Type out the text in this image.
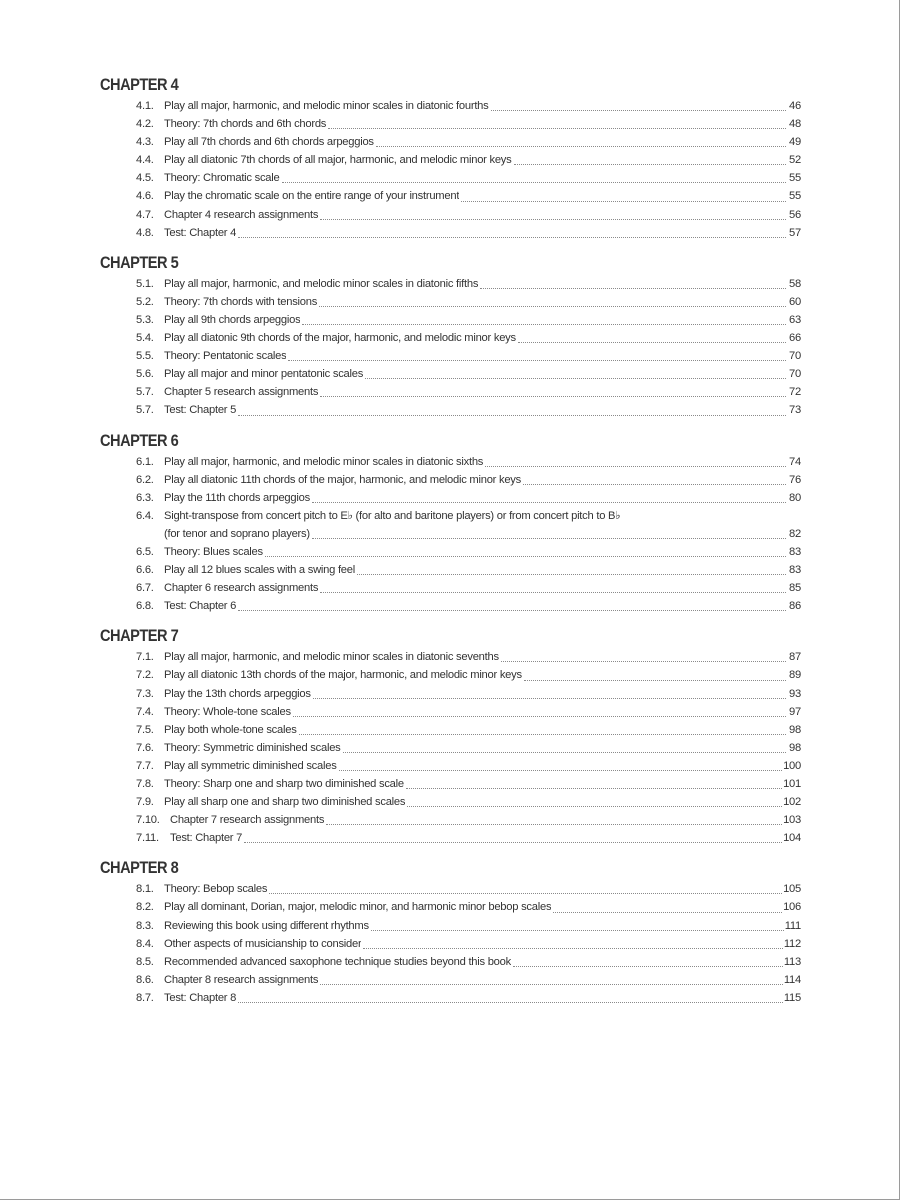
CHAPTER 4
4.1. Play all major, harmonic, and melodic minor scales in diatonic fourths	46
4.2. Theory: 7th chords and 6th chords	48
4.3. Play all 7th chords and 6th chords arpeggios	49
4.4. Play all diatonic 7th chords of all major, harmonic, and melodic minor keys	52
4.5. Theory: Chromatic scale	55
4.6. Play the chromatic scale on the entire range of your instrument	55
4.7. Chapter 4 research assignments	56
4.8. Test: Chapter 4	57
CHAPTER 5
5.1. Play all major, harmonic, and melodic minor scales in diatonic fifths	58
5.2. Theory: 7th chords with tensions	60
5.3. Play all 9th chords arpeggios	63
5.4. Play all diatonic 9th chords of the major, harmonic, and melodic minor keys	66
5.5. Theory: Pentatonic scales	70
5.6. Play all major and minor pentatonic scales	70
5.7. Chapter 5 research assignments	72
5.7. Test: Chapter 5	73
CHAPTER 6
6.1. Play all major, harmonic, and melodic minor scales in diatonic sixths	74
6.2. Play all diatonic 11th chords of the major, harmonic, and melodic minor keys	76
6.3. Play the 11th chords arpeggios	80
6.4. Sight-transpose from concert pitch to E♭ (for alto and baritone players) or from concert pitch to B♭
(for tenor and soprano players)	82
6.5. Theory: Blues scales	83
6.6. Play all 12 blues scales with a swing feel	83
6.7. Chapter 6 research assignments	85
6.8. Test: Chapter 6	86
CHAPTER 7
7.1. Play all major, harmonic, and melodic minor scales in diatonic sevenths	87
7.2. Play all diatonic 13th chords of the major, harmonic, and melodic minor keys	89
7.3. Play the 13th chords arpeggios	93
7.4. Theory: Whole-tone scales	97
7.5. Play both whole-tone scales	98
7.6. Theory: Symmetric diminished scales	98
7.7. Play all symmetric diminished scales	100
7.8. Theory: Sharp one and sharp two diminished scale	101
7.9. Play all sharp one and sharp two diminished scales	102
7.10. Chapter 7 research assignments	103
7.11. Test: Chapter 7	104
CHAPTER 8
8.1. Theory: Bebop scales	105
8.2. Play all dominant, Dorian, major, melodic minor, and harmonic minor bebop scales	106
8.3. Reviewing this book using different rhythms	111
8.4. Other aspects of musicianship to consider	112
8.5. Recommended advanced saxophone technique studies beyond this book	113
8.6. Chapter 8 research assignments	114
8.7. Test: Chapter 8	115
